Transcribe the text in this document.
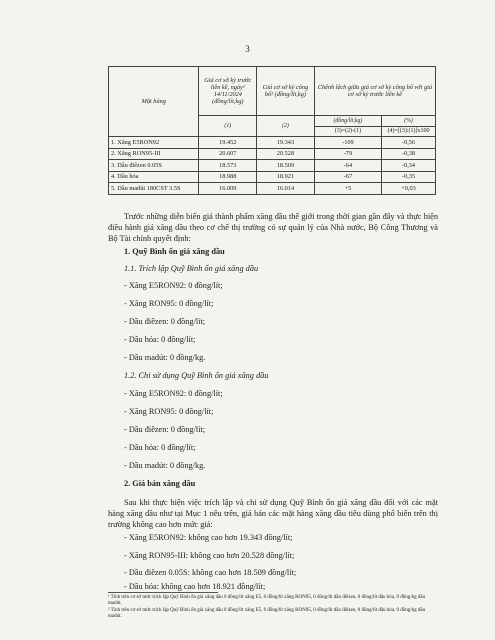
3
Mặt hàng	Giá cơ sở kỳ trước liền kề, ngày¹ 14/11/2024 (đồng/lít,kg)	Giá cơ sở kỳ công bố² (đồng/lít,kg)	Chênh lệch giữa giá cơ sở kỳ công bố với giá cơ sở kỳ trước liền kề	
	(1)	(2)	(đồng/lít,kg)	(%)
			(3)=(2)-(1)	(4)=[(3):(1)]x100
1. Xăng E5RON92	19.452	19.343	-109	-0,56
2. Xăng RON95-III	20.607	20.528	-79	-0,38
3. Dầu điêzen 0.05S	18.573	18.509	-64	-0,34
4. Dầu hỏa	18.988	18.921	-67	-0,35
5. Dầu madút 180CST 3.5S	16.009	16.014	+5	+0,03
Trước những diễn biến giá thành phẩm xăng dầu thế giới trong thời gian gần đây và thực hiện điều hành giá xăng dầu theo cơ chế thị trường có sự quản lý của Nhà nước, Bộ Công Thương và Bộ Tài chính quyết định:
1. Quỹ Bình ổn giá xăng dầu
1.1. Trích lập Quỹ Bình ổn giá xăng dầu
- Xăng E5RON92: 0 đồng/lít;
- Xăng RON95: 0 đồng/lít;
- Dầu điêzen: 0 đồng/lít;
- Dầu hỏa: 0 đồng/lít;
- Dầu madút: 0 đồng/kg.
1.2. Chi sử dụng Quỹ Bình ổn giá xăng dầu
- Xăng E5RON92: 0 đồng/lít;
- Xăng RON95: 0 đồng/lít;
- Dầu điêzen: 0 đồng/lít;
- Dầu hỏa: 0 đồng/lít;
- Dầu madút: 0 đồng/kg.
2. Giá bán xăng dầu
Sau khi thực hiện việc trích lập và chi sử dụng Quỹ Bình ổn giá xăng dầu đối với các mặt hàng xăng dầu như tại Mục 1 nêu trên, giá bán các mặt hàng xăng dầu tiêu dùng phổ biến trên thị trường không cao hơn mức giá:
- Xăng E5RON92: không cao hơn 19.343 đồng/lít;
- Xăng RON95-III: không cao hơn 20.528 đồng/lít;
- Dầu điêzen 0.05S: không cao hơn 18.509 đồng/lít;
- Dầu hỏa: không cao hơn 18.921 đồng/lít;
¹ Tính trên cơ sở mức trích lập Quỹ Bình ổn giá xăng dầu 0 đồng/lít xăng E5, 0 đồng/lít xăng RON95, 0 đồng/lít dầu điêzen, 0 đồng/lít dầu hỏa, 0 đồng/kg dầu madút.
² Tính trên cơ sở mức trích lập Quỹ Bình ổn giá xăng dầu 0 đồng/lít xăng E5, 0 đồng/lít xăng RON95, 0 đồng/lít dầu điêzen, 0 đồng/lít dầu hỏa, 0 đồng/kg dầu madút.
